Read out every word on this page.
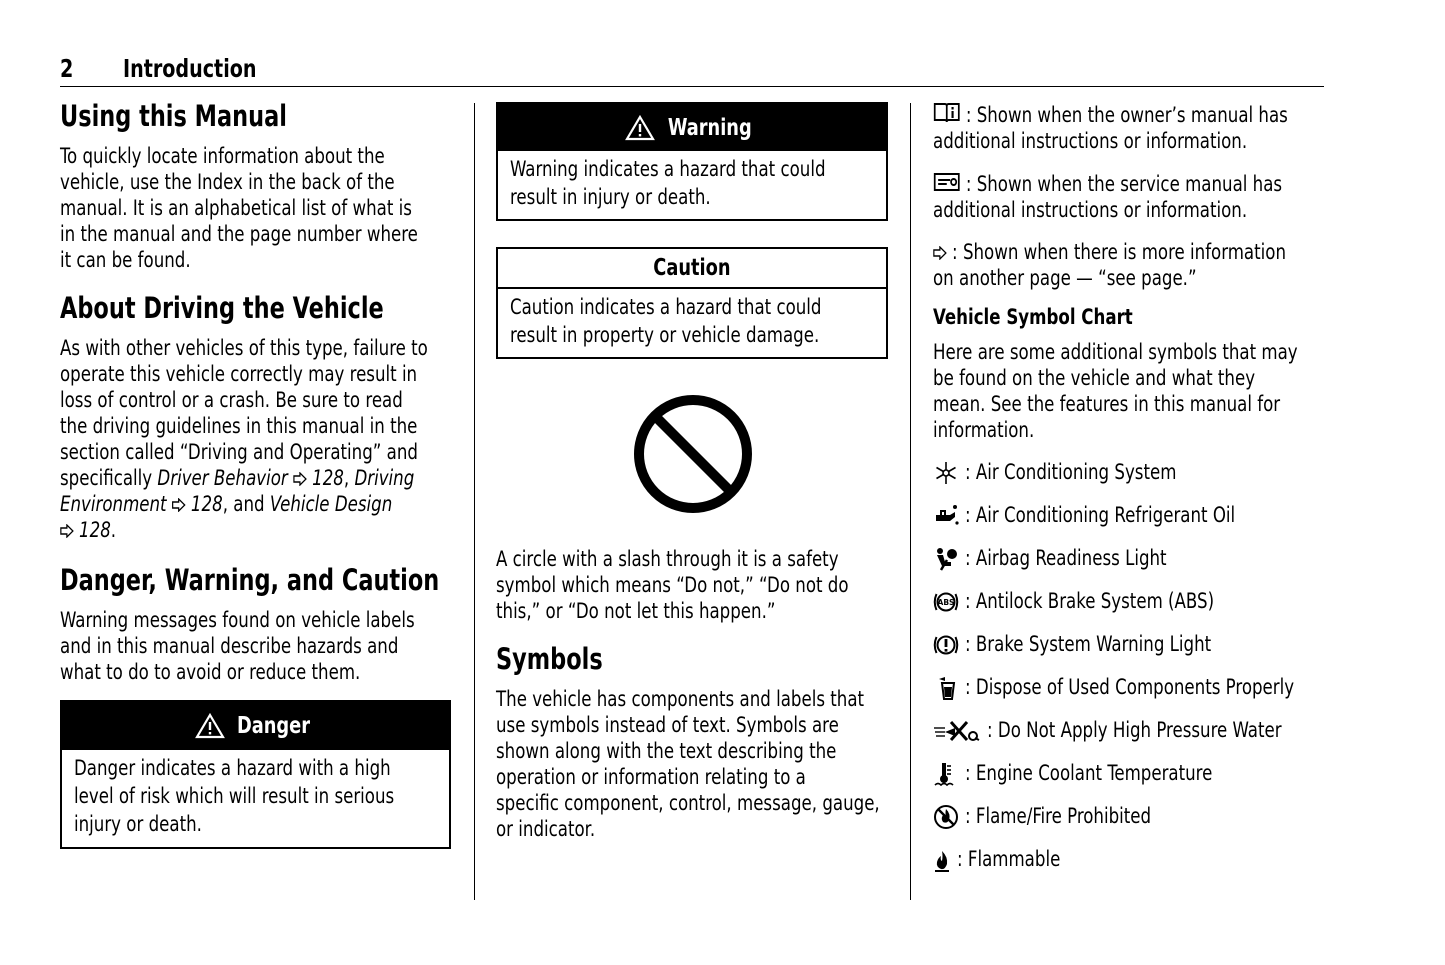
2 Introduction
Using this Manual

To quickly locate information about the
vehicle, use the Index in the back of the
manual. It is an alphabetical list of what is
in the manual and the page number where
it can be found.

About Driving the Vehicle

As with other vehicles of this type, failure to
operate this vehicle correctly may result in
loss of control or a crash. Be sure to read
the driving guidelines in this manual in the
section called “Driving and Operating” and
specifically Driver Behavior 128, Driving
Environment 128, and Vehicle Design
128.

Danger, Warning, and Caution

Warning messages found on vehicle labels
and in this manual describe hazards and
what to do to avoid or reduce them.

Danger
Danger indicates a hazard with a high
level of risk which will result in serious
injury or death.
Warning
Warning indicates a hazard that could
result in injury or death.
Caution
Caution indicates a hazard that could
result in property or vehicle damage.

A circle with a slash through it is a safety
symbol which means “Do not,” “Do not do
this,” or “Do not let this happen.”

Symbols

The vehicle has components and labels that
use symbols instead of text. Symbols are
shown along with the text describing the
operation or information relating to a
specific component, control, message, gauge,
or indicator.

: Shown when the owner’s manual has
additional instructions or information.

: Shown when the service manual has
additional instructions or information.

: Shown when there is more information
on another page — “see page.”

Vehicle Symbol Chart

Here are some additional symbols that may
be found on the vehicle and what they
mean. See the features in this manual for
information.

: Air Conditioning System
: Air Conditioning Refrigerant Oil
: Airbag Readiness Light
ABS : Antilock Brake System (ABS)
: Brake System Warning Light
: Dispose of Used Components Properly
: Do Not Apply High Pressure Water
: Engine Coolant Temperature
: Flame/Fire Prohibited
: Flammable
